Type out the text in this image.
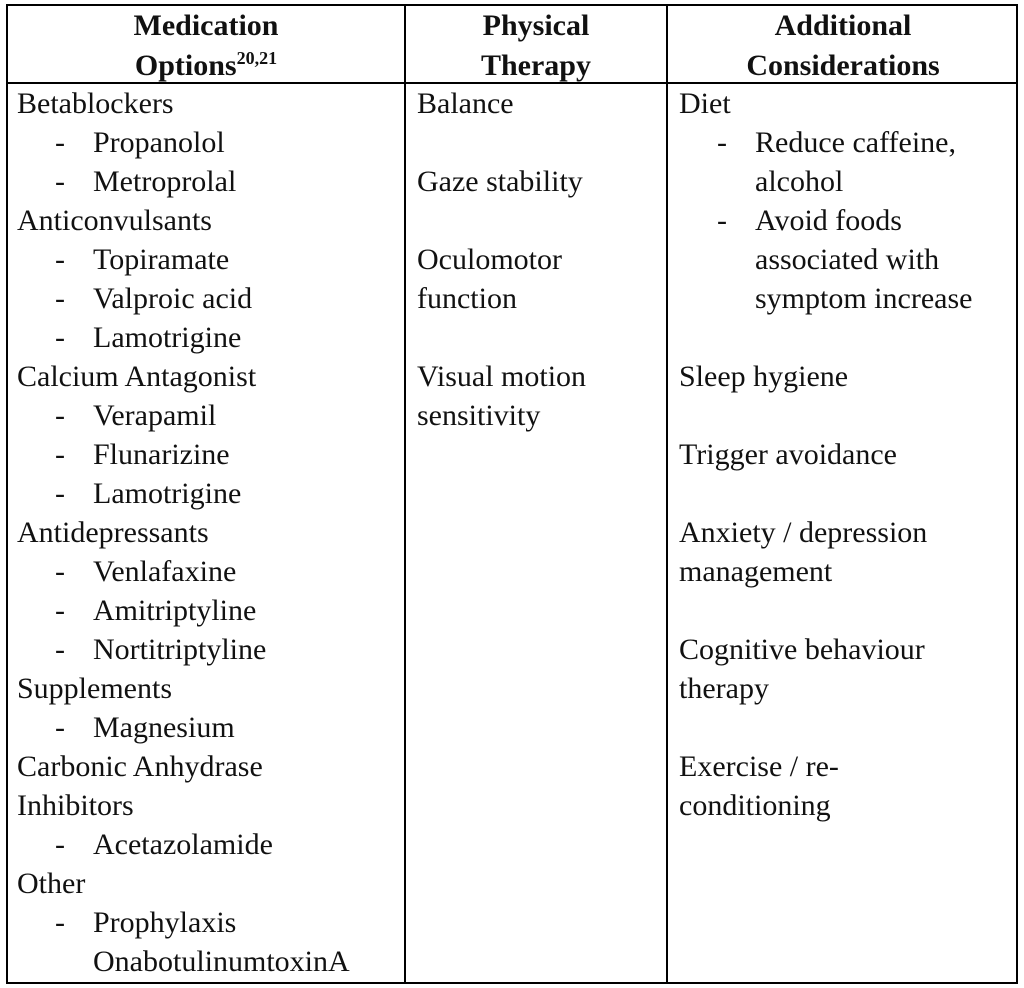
Medication
Options$^{20,21}$
Physical
Therapy
Additional
Considerations
Betablockers
- Propanolol
- Metroprolal
Anticonvulsants
- Topiramate
- Valproic acid
- Lamotrigine
Calcium Antagonist
- Verapamil
- Flunarizine
- Lamotrigine
Antidepressants
- Venlafaxine
- Amitriptyline
- Nortitriptyline
Supplements
- Magnesium
Carbonic Anhydrase
Inhibitors
- Acetazolamide
Other
- Prophylaxis
OnabotulinumtoxinA
Balance
Gaze stability
Oculomotor
function
Visual motion
sensitivity
Diet
- Reduce caffeine,
alcohol
- Avoid foods
associated with
symptom increase
Sleep hygiene
Trigger avoidance
Anxiety / depression
management
Cognitive behaviour
therapy
Exercise / re-
conditioning
